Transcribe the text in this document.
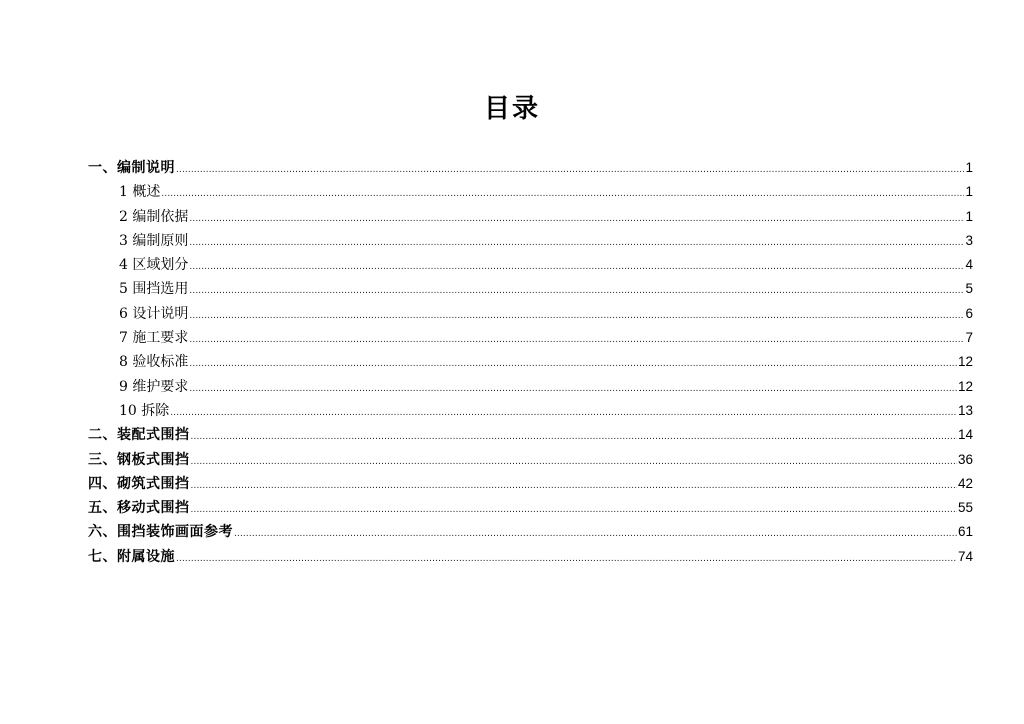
目录
一、编制说明 .....	1
1 概述 .....	1
2 编制依据 .....	1
3 编制原则 .....	3
4 区域划分 .....	4
5 围挡选用 .....	5
6 设计说明 .....	6
7 施工要求 .....	7
8 验收标准 .....	12
9 维护要求 .....	12
10 拆除 .....	13
二、装配式围挡 .....	14
三、钢板式围挡 .....	36
四、砌筑式围挡 .....	42
五、移动式围挡 .....	55
六、围挡装饰画面参考 .....	61
七、附属设施 .....	74
